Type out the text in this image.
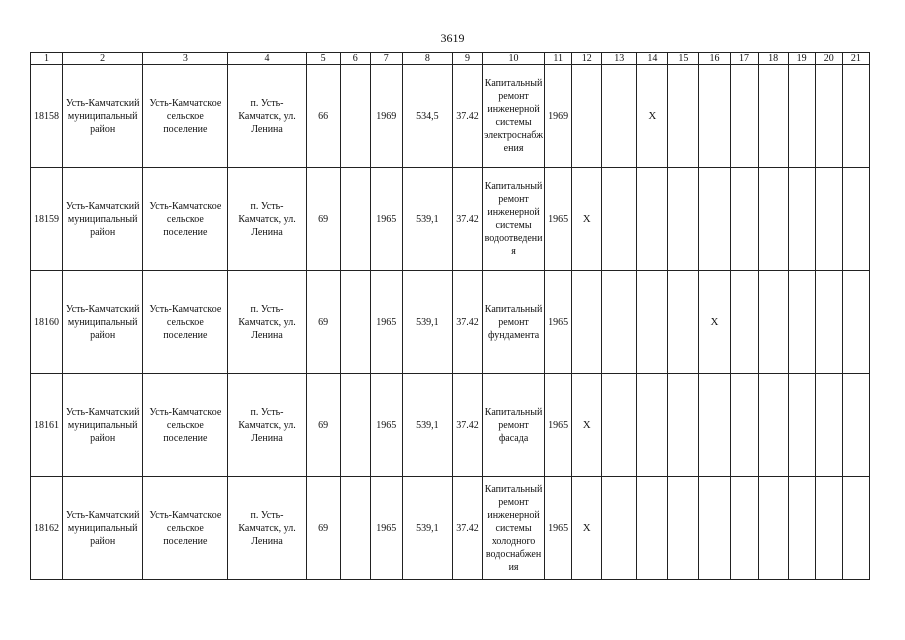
3619
1	2	3	4	5	6	7	8	9	10	11	12	13	14	15	16	17	18	19	20	21
18158	Усть-Камчатский муниципальный район	Усть-Камчатское сельское поселение	п. Усть-Камчатск, ул. Ленина	66		1969	534,5	37.42	Капитальный ремонт инженерной системы электроснабжения	1969			X							
18159	Усть-Камчатский муниципальный район	Усть-Камчатское сельское поселение	п. Усть-Камчатск, ул. Ленина	69		1965	539,1	37.42	Капитальный ремонт инженерной системы водоотведения	1965	X									
18160	Усть-Камчатский муниципальный район	Усть-Камчатское сельское поселение	п. Усть-Камчатск, ул. Ленина	69		1965	539,1	37.42	Капитальный ремонт фундамента	1965					X					
18161	Усть-Камчатский муниципальный район	Усть-Камчатское сельское поселение	п. Усть-Камчатск, ул. Ленина	69		1965	539,1	37.42	Капитальный ремонт фасада	1965	X									
18162	Усть-Камчатский муниципальный район	Усть-Камчатское сельское поселение	п. Усть-Камчатск, ул. Ленина	69		1965	539,1	37.42	Капитальный ремонт инженерной системы холодного водоснабжения	1965	X									
